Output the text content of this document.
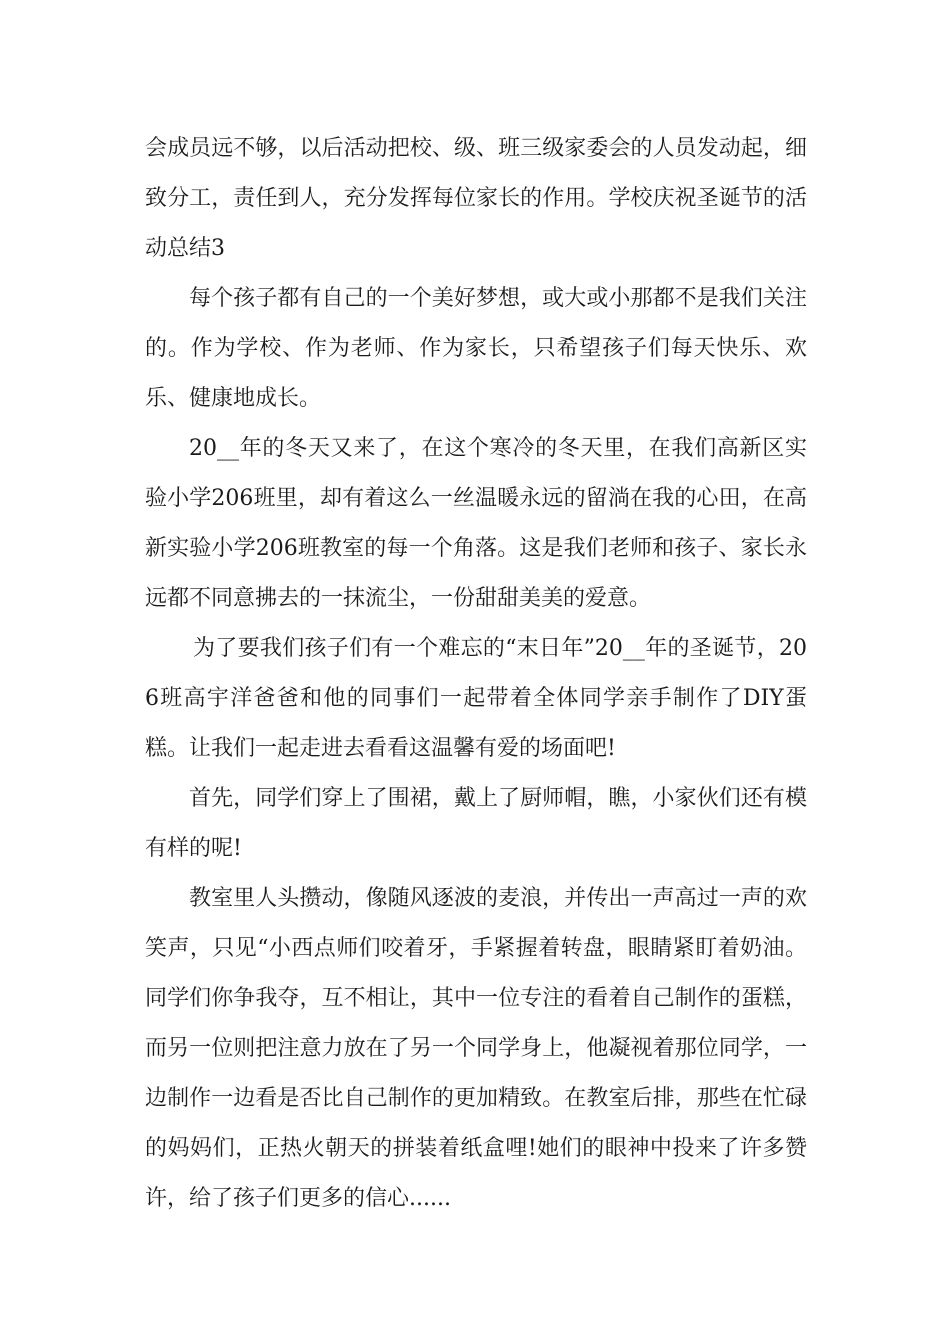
会成员远不够，以后活动把校、级、班三级家委会的人员发动起，细致分工，责任到人，充分发挥每位家长的作用。学校庆祝圣诞节的活动总结3

每个孩子都有自己的一个美好梦想，或大或小那都不是我们关注的。作为学校、作为老师、作为家长，只希望孩子们每天快乐、欢乐、健康地成长。

20__年的冬天又来了，在这个寒冷的冬天里，在我们高新区实验小学206班里，却有着这么一丝温暖永远的留淌在我的心田，在高新实验小学206班教室的每一个角落。这是我们老师和孩子、家长永远都不同意拂去的一抹流尘，一份甜甜美美的爱意。

为了要我们孩子们有一个难忘的“末日年”20__年的圣诞节，206班高宇洋爸爸和他的同事们一起带着全体同学亲手制作了DIY蛋糕。让我们一起走进去看看这温馨有爱的场面吧!

首先，同学们穿上了围裙，戴上了厨师帽，瞧，小家伙们还有模有样的呢!

教室里人头攒动，像随风逐波的麦浪，并传出一声高过一声的欢笑声，只见“小西点师们咬着牙，手紧握着转盘，眼睛紧盯着奶油。同学们你争我夺，互不相让，其中一位专注的看着自己制作的蛋糕，而另一位则把注意力放在了另一个同学身上，他凝视着那位同学，一边制作一边看是否比自己制作的更加精致。在教室后排，那些在忙碌的妈妈们，正热火朝天的拼装着纸盒哩!她们的眼神中投来了许多赞许，给了孩子们更多的信心......
